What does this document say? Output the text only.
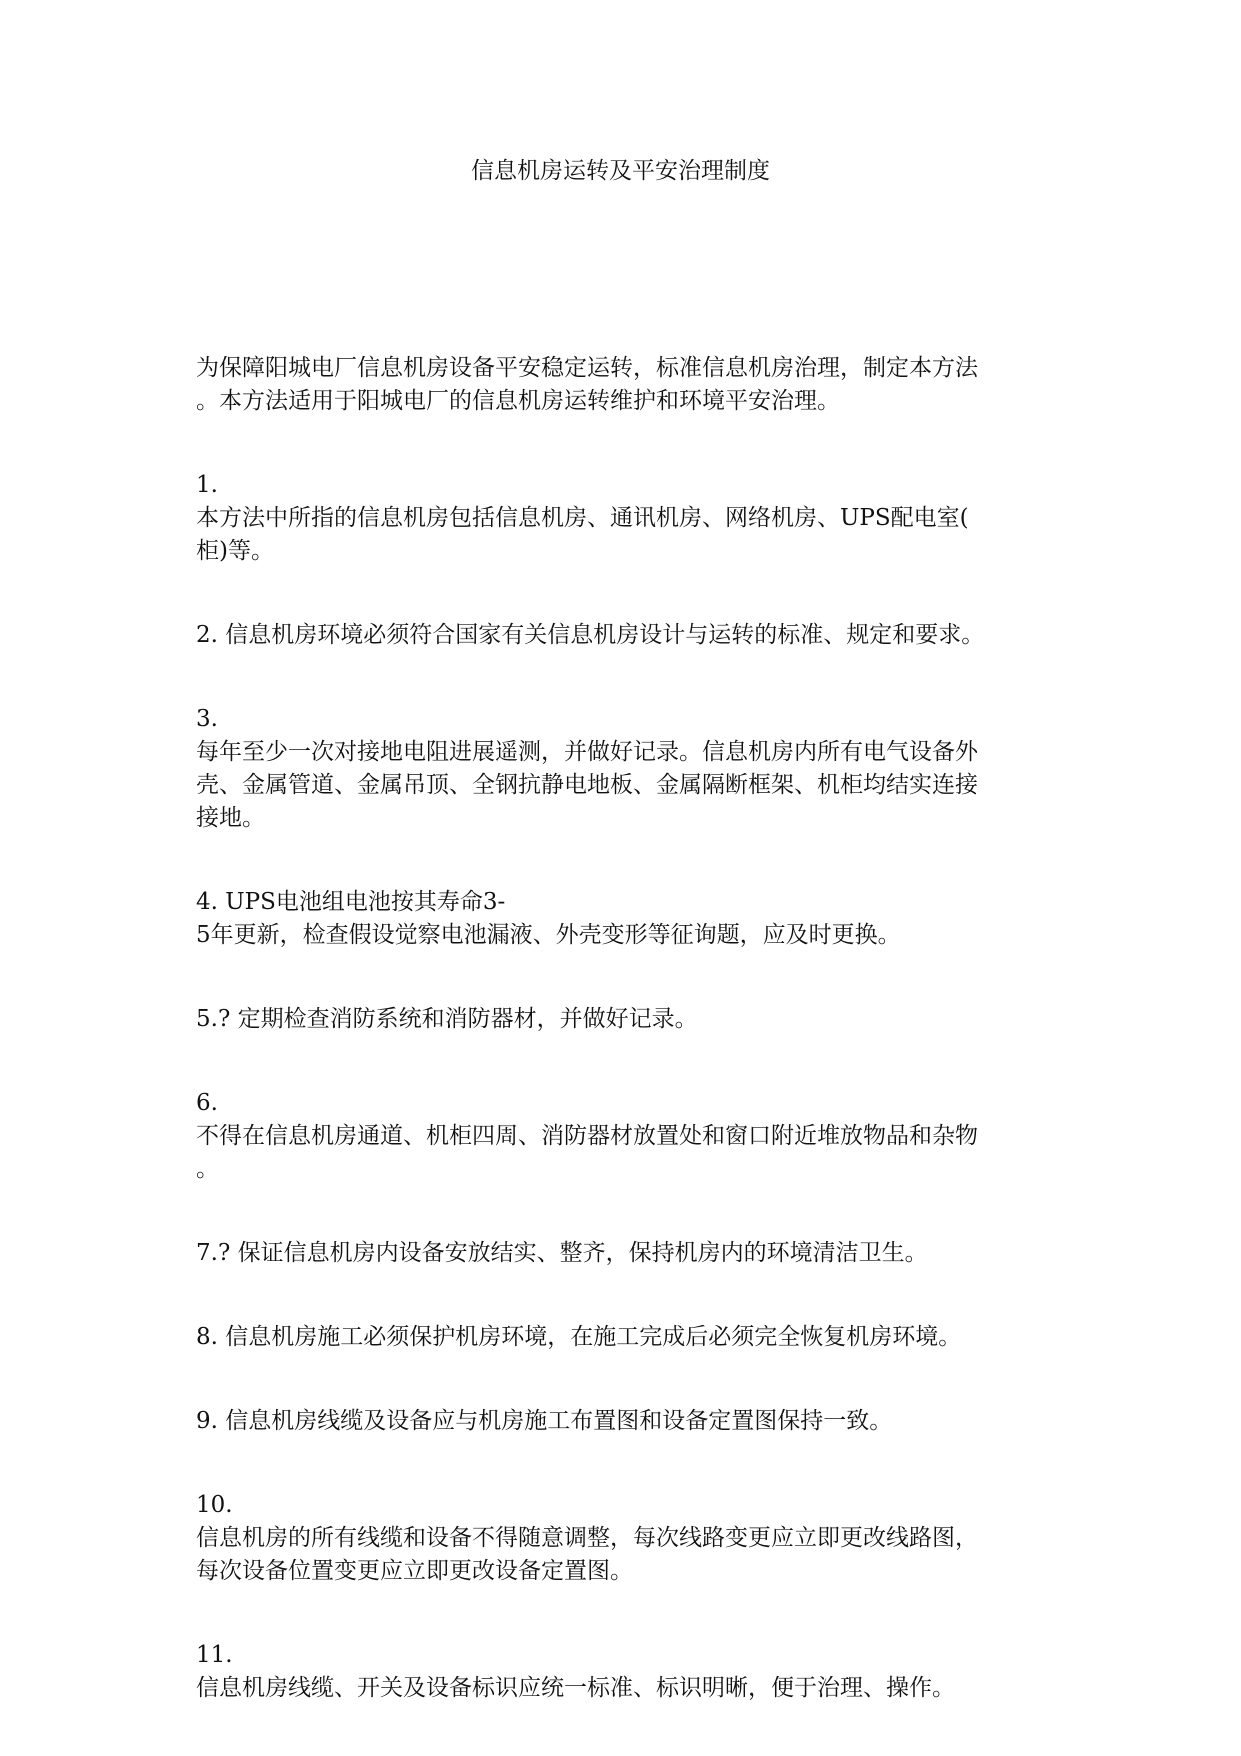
信息机房运转及平安治理制度

为保障阳城电厂信息机房设备平安稳定运转，标准信息机房治理，制定本方法
。本方法适用于阳城电厂的信息机房运转维护和环境平安治理。

1.
本方法中所指的信息机房包括信息机房、通讯机房、网络机房、UPS配电室(
柜)等。

2. 信息机房环境必须符合国家有关信息机房设计与运转的标准、规定和要求。

3.
每年至少一次对接地电阻进展遥测，并做好记录。信息机房内所有电气设备外
壳、金属管道、金属吊顶、全钢抗静电地板、金属隔断框架、机柜均结实连接
接地。

4. UPS电池组电池按其寿命3-
5年更新，检查假设觉察电池漏液、外壳变形等征询题，应及时更换。

5.? 定期检查消防系统和消防器材，并做好记录。

6.
不得在信息机房通道、机柜四周、消防器材放置处和窗口附近堆放物品和杂物
。

7.? 保证信息机房内设备安放结实、整齐，保持机房内的环境清洁卫生。

8. 信息机房施工必须保护机房环境，在施工完成后必须完全恢复机房环境。

9. 信息机房线缆及设备应与机房施工布置图和设备定置图保持一致。

10.
信息机房的所有线缆和设备不得随意调整，每次线路变更应立即更改线路图，
每次设备位置变更应立即更改设备定置图。

11.
信息机房线缆、开关及设备标识应统一标准、标识明晰，便于治理、操作。
